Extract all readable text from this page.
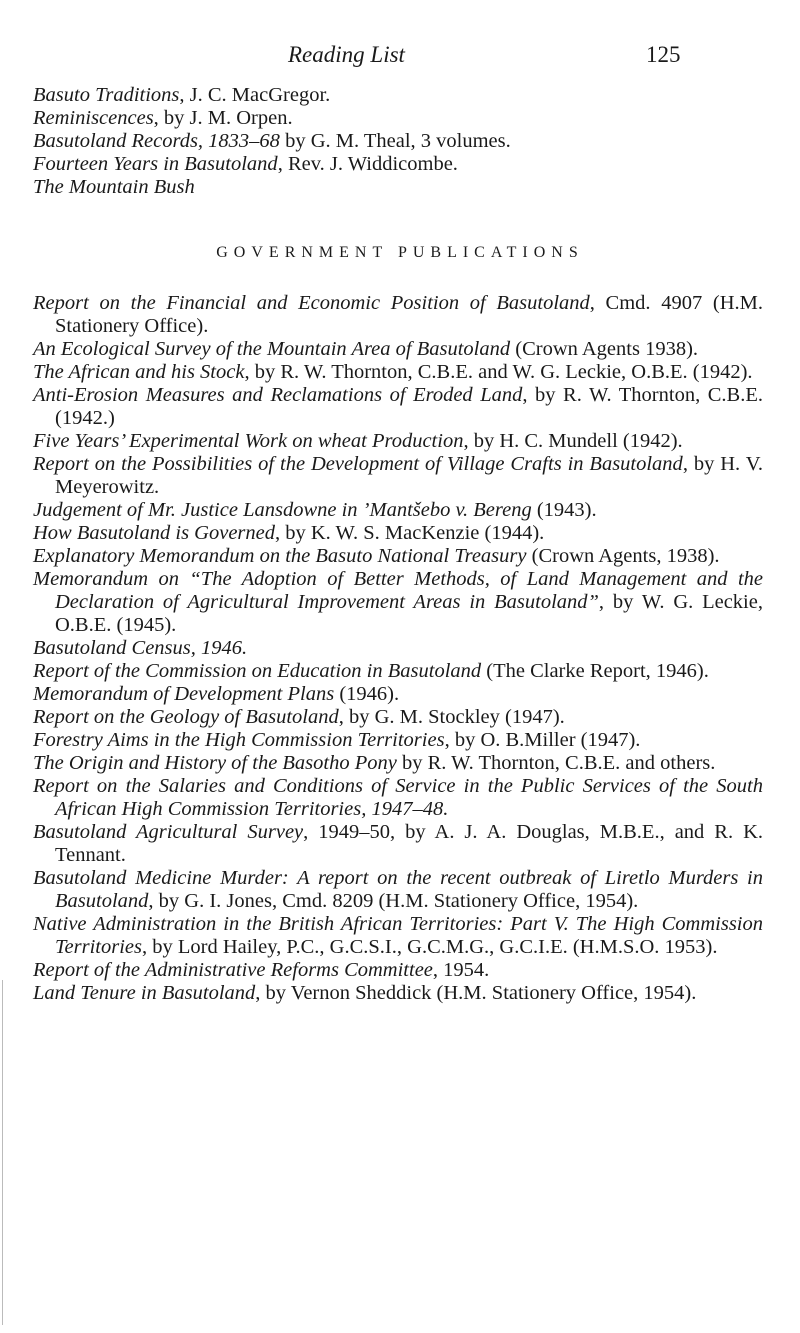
Reading List	125

Basuto Traditions, J. C. MacGregor.

Reminiscences, by J. M. Orpen.

Basutoland Records, 1833–68 by G. M. Theal, 3 volumes.

Fourteen Years in Basutoland, Rev. J. Widdicombe.

The Mountain Bush

GOVERNMENT PUBLICATIONS

Report on the Financial and Economic Position of Basutoland, Cmd. 4907 (H.M. Stationery Office).

An Ecological Survey of the Mountain Area of Basutoland (Crown Agents 1938).

The African and his Stock, by R. W. Thornton, C.B.E. and W. G. Leckie, O.B.E. (1942).

Anti-Erosion Measures and Reclamations of Eroded Land, by R. W. Thornton, C.B.E. (1942.)

Five Years’ Experimental Work on wheat Production, by H. C. Mundell (1942).

Report on the Possibilities of the Development of Village Crafts in Basutoland, by H. V. Meyerowitz.

Judgement of Mr. Justice Lansdowne in ’Mantšebo v. Bereng (1943).

How Basutoland is Governed, by K. W. S. MacKenzie (1944).

Explanatory Memorandum on the Basuto National Treasury (Crown Agents, 1938).

Memorandum on “The Adoption of Better Methods, of Land Management and the Declaration of Agricultural Improvement Areas in Basutoland”, by W. G. Leckie, O.B.E. (1945).

Basutoland Census, 1946.

Report of the Commission on Education in Basutoland (The Clarke Report, 1946).

Memorandum of Development Plans (1946).

Report on the Geology of Basutoland, by G. M. Stockley (1947).

Forestry Aims in the High Commission Territories, by O. B.Miller (1947).

The Origin and History of the Basotho Pony by R. W. Thornton, C.B.E. and others.

Report on the Salaries and Conditions of Service in the Public Services of the South African High Commission Territories, 1947–48.

Basutoland Agricultural Survey, 1949–50, by A. J. A. Douglas, M.B.E., and R. K. Tennant.

Basutoland Medicine Murder: A report on the recent outbreak of Liretlo Murders in Basutoland, by G. I. Jones, Cmd. 8209 (H.M. Stationery Office, 1954).

Native Administration in the British African Territories: Part V. The High Commission Territories, by Lord Hailey, P.C., G.C.S.I., G.C.M.G., G.C.I.E. (H.M.S.O. 1953).

Report of the Administrative Reforms Committee, 1954.

Land Tenure in Basutoland, by Vernon Sheddick (H.M. Stationery Office, 1954).
